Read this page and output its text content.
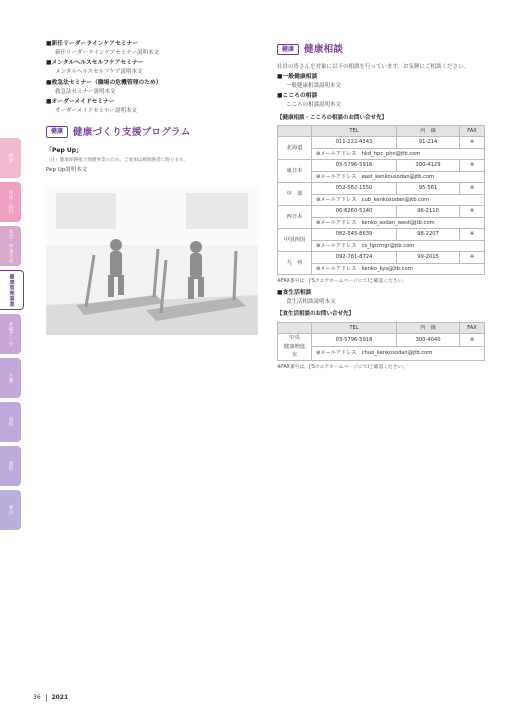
概要
保険・給付
届出・申請手続
健康管理事業
各種データ
介護
資料
規程
索引
■新任リーダーラインケアセミナー
新任リーダーラインケアセミナー説明本文
■メンタルヘルスセルフケアセミナー
メンタルヘルスセルフケア説明本文
■救急法セミナー（職場の危機管理のため）
救急法セミナー説明本文
■オーダーメイドセミナー
オーダーメイドセミナー説明本文
健康	健康づくり支援プログラム
「Pep Up」
（注）健康保険組合保健事業のため、ご参加は被保険者に限ります。
Pep Up説明本文
健康	健康相談
社員の皆さんを対象に以下の相談を行っています。お気軽にご相談ください。
■一般健康相談
一般健康相談説明本文
■こころの相談
こころの相談説明本文
【健康相談・こころの相談のお問い合せ先】
	TEL	内　線	FAX
北海道	011-222-4343	91-214	※
	⊛メールアドレス　hkd_hpc_phn@jtb.com		
東日本	03-5796-5916	300-4129	※
	⊛メールアドレス　east_kenkousodan@jtb.com		
中　部	052-582-1550	95-561	※
	⊛メールアドレス　cub_kenkosodan@jtb.com		
西日本	06-6260-5140	96-2110	※
	⊛メールアドレス　kenko_sodan_west@jtb.com		
中国四国	082-545-8639	98-2207	※
	⊛メールアドレス　cs_hpcmgr@jtb.com		
九　州	092-781-8724	99-2015	※
	⊛メールアドレス　kenko_kys@jtb.com		
※FAX番号は、J'SクエアホームページにてIご確認ください。
■食生活相談
食生活相談説明本文
【食生活相談のお問い合せ先】
	TEL	内　線	FAX
中央
健康増進室	03-5796-5918	300-4040	※
	⊛メールアドレス　chuo_kenkosodan@jtb.com		
※FAX番号は、J'SクエアホームページにてIご確認ください。
36 2021
